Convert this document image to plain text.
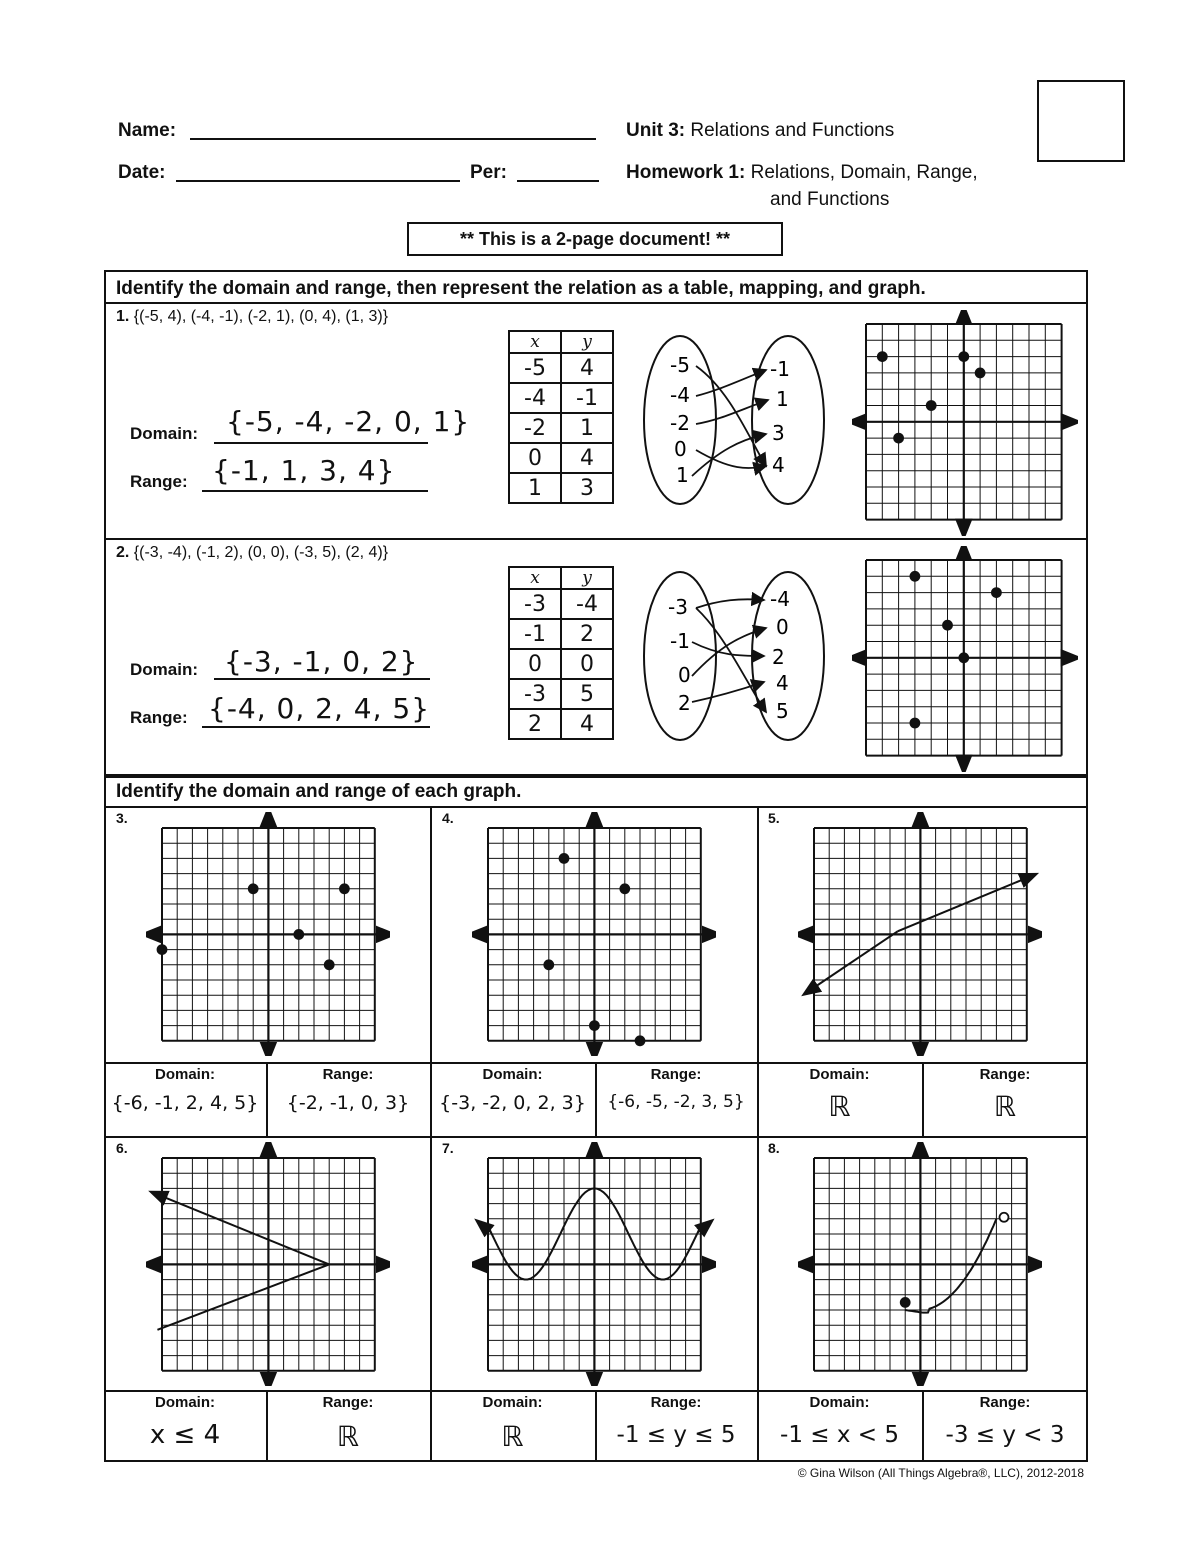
Name:
Date:	Per:
Unit 3: Relations and Functions
Homework 1: Relations, Domain, Range,
and Functions
** This is a 2-page document! **
Identify the domain and range, then represent the relation as a table, mapping, and graph.
1. {(-5, 4), (-4, -1), (-2, 1), (0, 4), (1, 3)}
Domain: {-5, -4, -2, 0, 1}
Range: {-1, 1, 3, 4}
x	y
-5	4
-4	-1
-2	1
0	4
1	3
-5
-4
-2
0
1
-1
1
3
4
2. {(-3, -4), (-1, 2), (0, 0), (-3, 5), (2, 4)}
Domain: {-3, -1, 0, 2}
Range: {-4, 0, 2, 4, 5}
x	y
-3	-4
-1	2
0	0
-3	5
2	4
-3
-1
0
2
-4
0
2
4
5
Identify the domain and range of each graph.
3.	4.	5.
6.	7.	8.
Domain:	Range:	Domain:	Range:	Domain:	Range:
{-6, -1, 2, 4, 5}	{-2, -1, 0, 3}	{-3, -2, 0, 2, 3}	{-6, -5, -2, 3, 5}	ℝ	ℝ
Domain:	Range:	Domain:	Range:	Domain:	Range:
x ≤ 4	ℝ	ℝ	-1 ≤ y ≤ 5	-1 ≤ x < 5	-3 ≤ y < 3
© Gina Wilson (All Things Algebra®, LLC), 2012-2018
